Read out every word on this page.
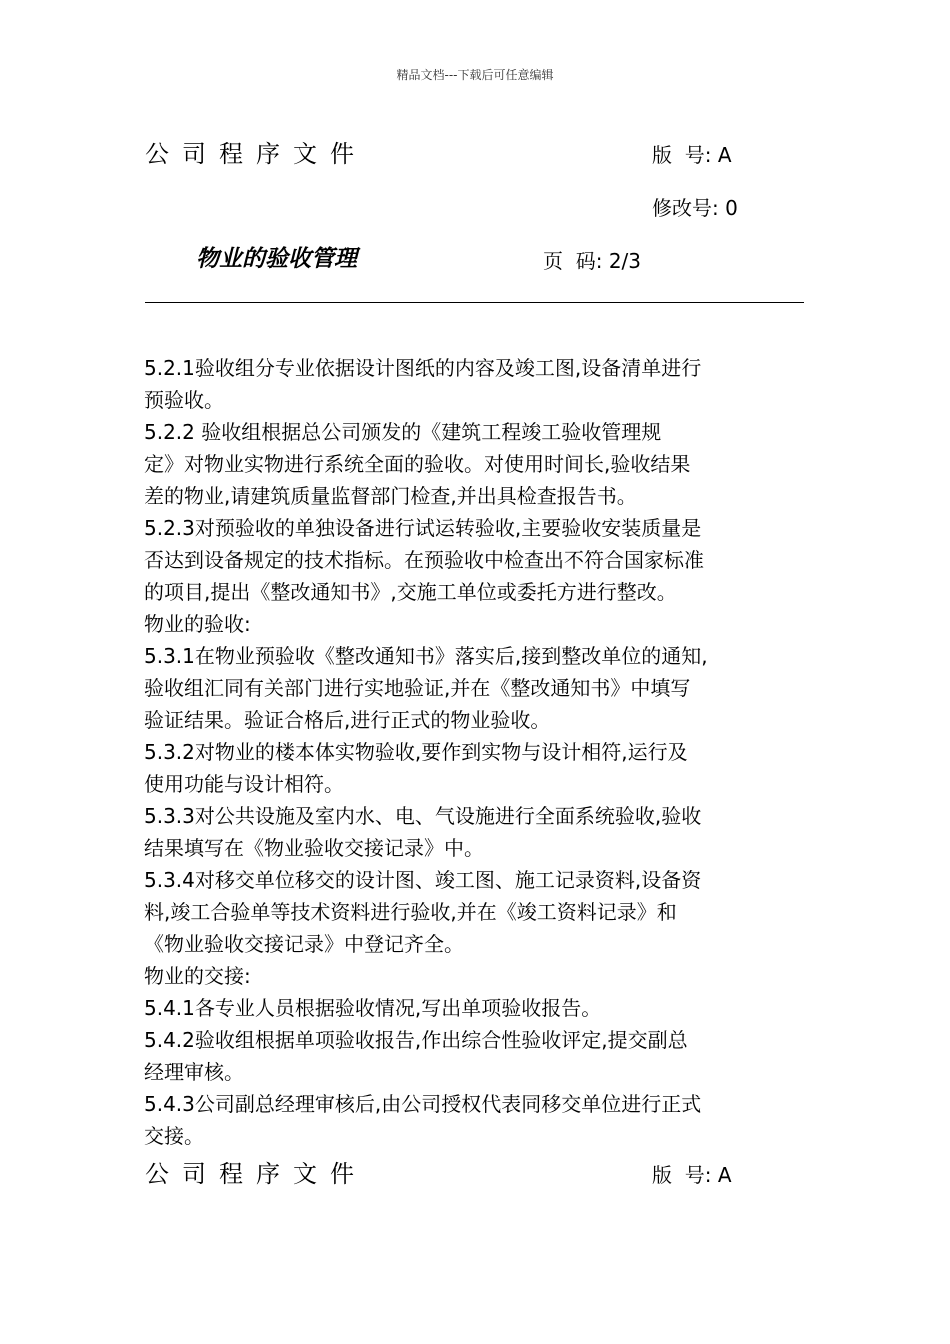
精品文档---下载后可任意编辑
公司程序文件	版  号: A
修改号: 0
物业的验收管理	页  码: 2/3
5.2.1验收组分专业依据设计图纸的内容及竣工图,设备清单进行
预验收。
5.2.2 验收组根据总公司颁发的《建筑工程竣工验收管理规
定》对物业实物进行系统全面的验收。对使用时间长,验收结果
差的物业,请建筑质量监督部门检查,并出具检查报告书。
5.2.3对预验收的单独设备进行试运转验收,主要验收安装质量是
否达到设备规定的技术指标。在预验收中检查出不符合国家标准
的项目,提出《整改通知书》,交施工单位或委托方进行整改。
物业的验收:
5.3.1在物业预验收《整改通知书》落实后,接到整改单位的通知,
验收组汇同有关部门进行实地验证,并在《整改通知书》中填写
验证结果。验证合格后,进行正式的物业验收。
5.3.2对物业的楼本体实物验收,要作到实物与设计相符,运行及
使用功能与设计相符。
5.3.3对公共设施及室内水、电、气设施进行全面系统验收,验收
结果填写在《物业验收交接记录》中。
5.3.4对移交单位移交的设计图、竣工图、施工记录资料,设备资
料,竣工合验单等技术资料进行验收,并在《竣工资料记录》和
《物业验收交接记录》中登记齐全。
物业的交接:
5.4.1各专业人员根据验收情况,写出单项验收报告。
5.4.2验收组根据单项验收报告,作出综合性验收评定,提交副总
经理审核。
5.4.3公司副总经理审核后,由公司授权代表同移交单位进行正式
交接。
公司程序文件	版  号: A
